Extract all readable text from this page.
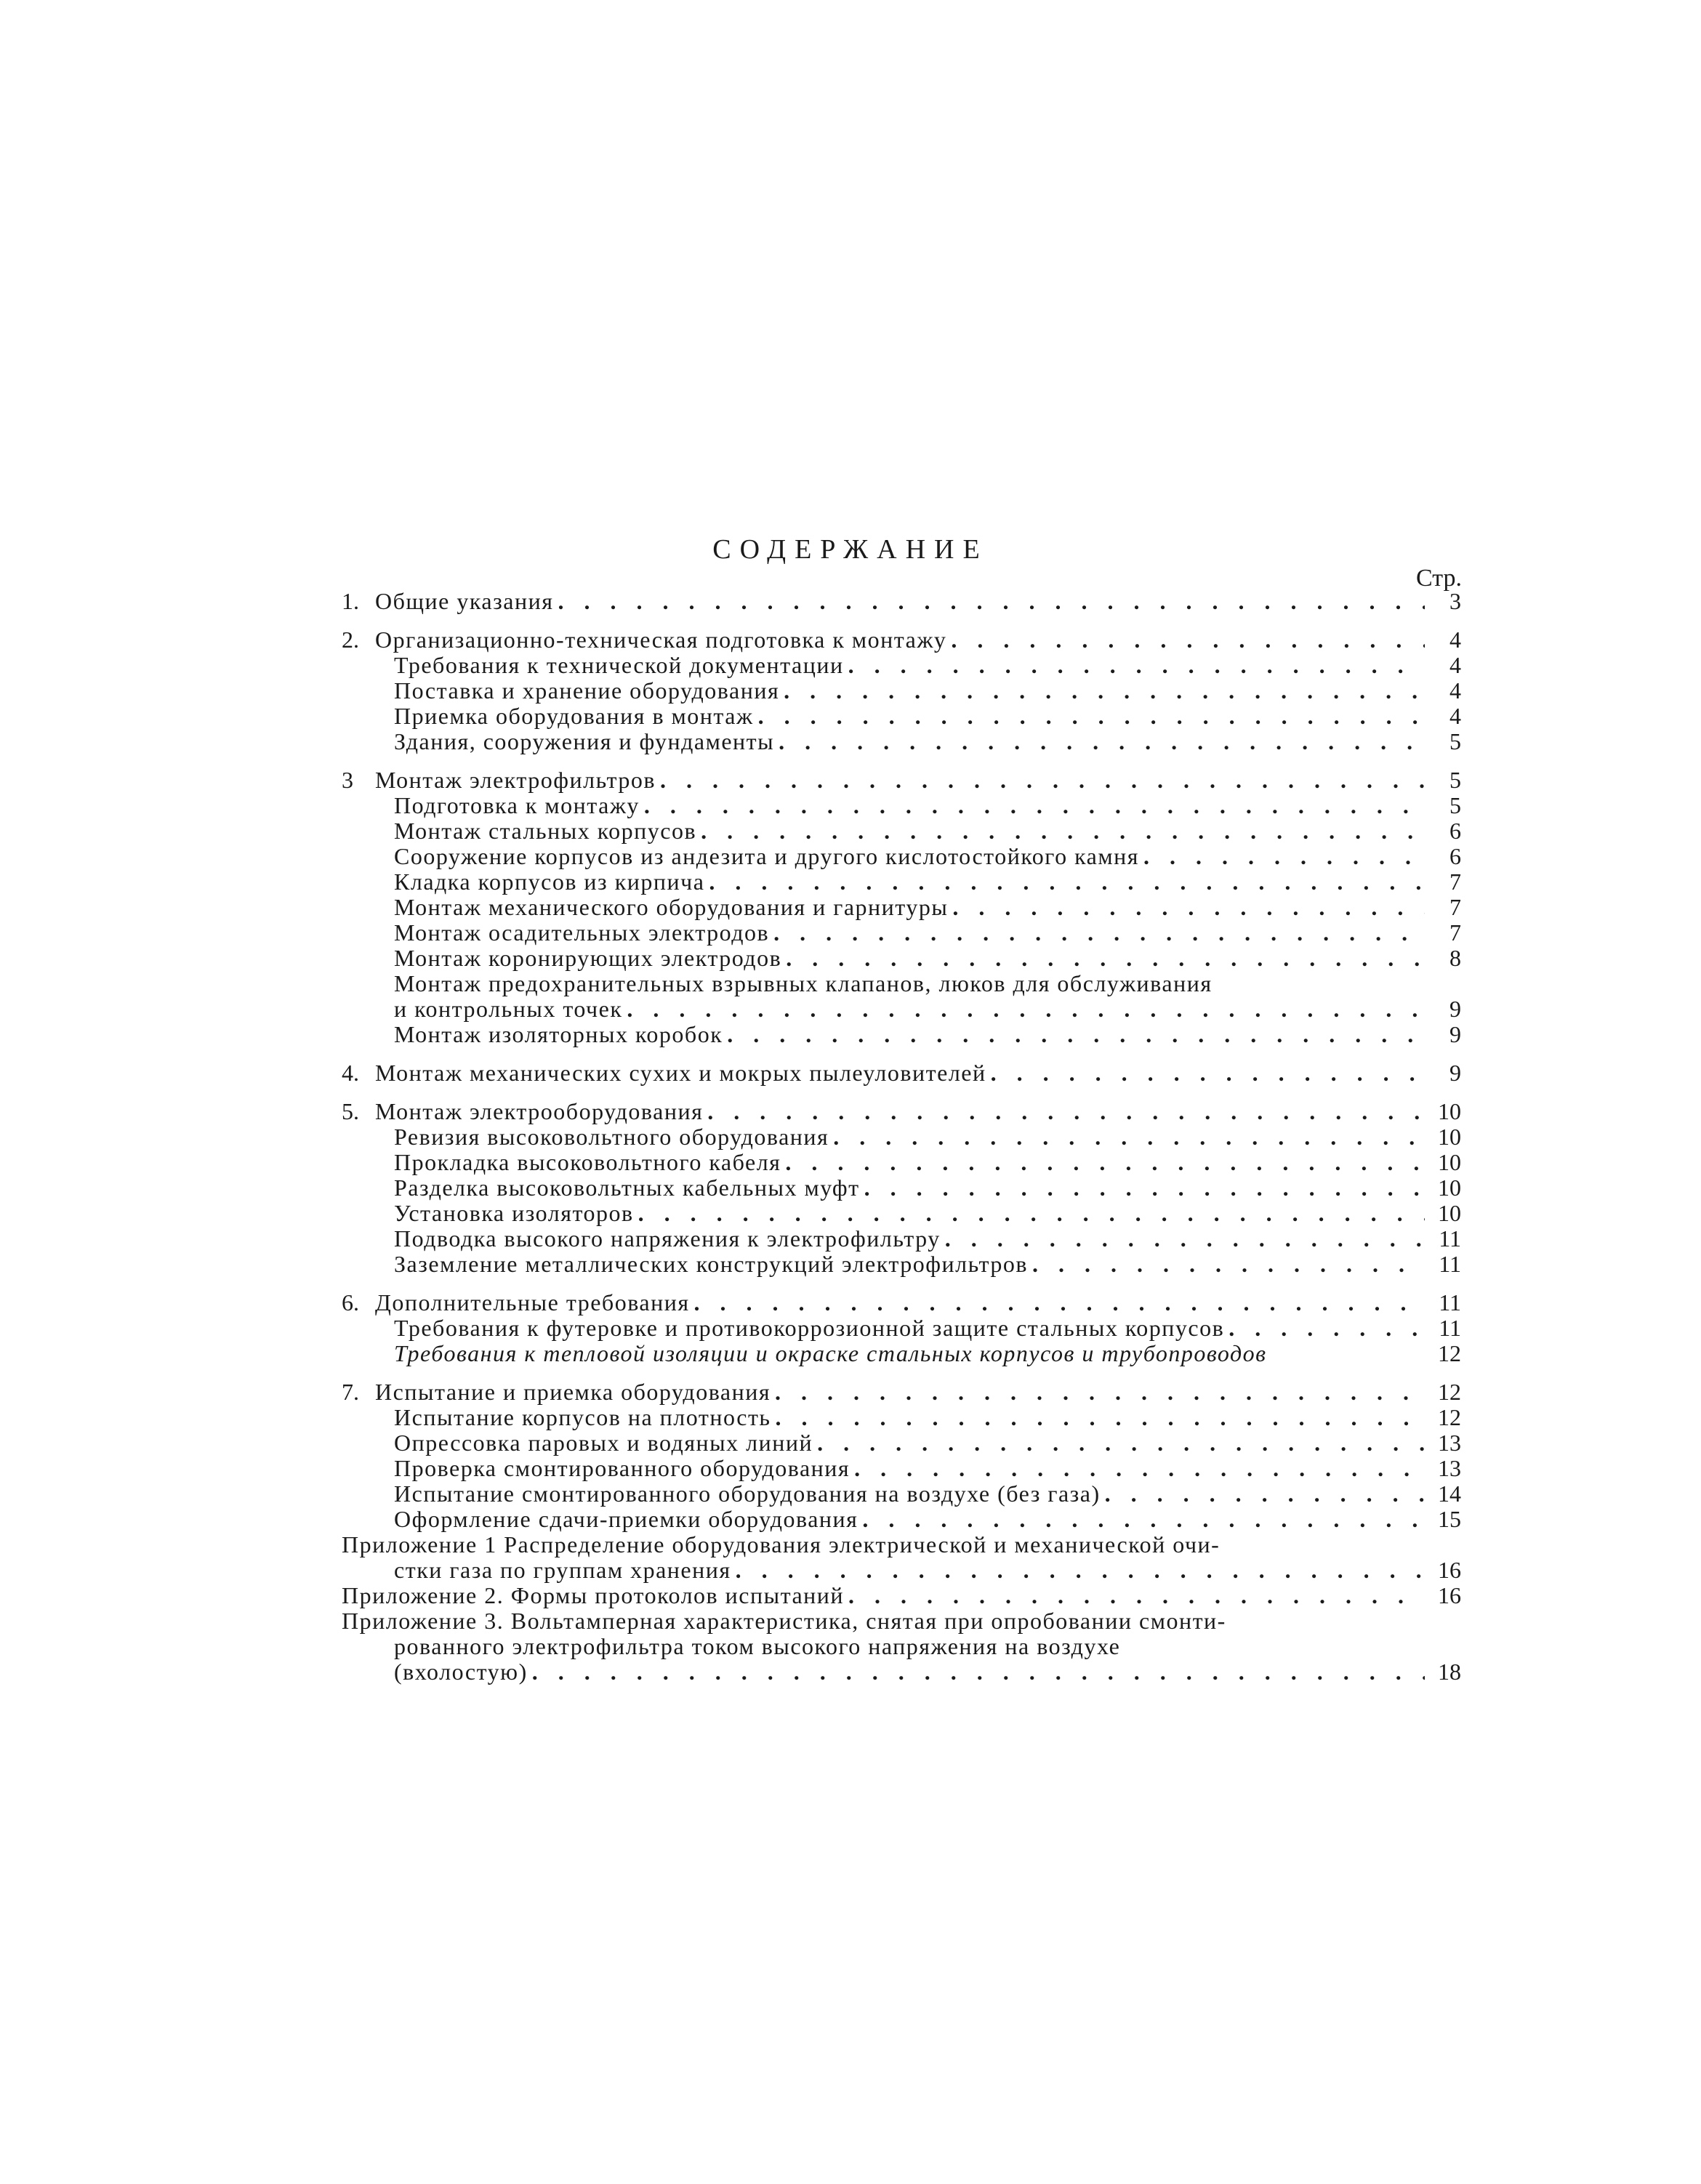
СОДЕРЖАНИЕ
Стр.
1. Общие указания . . .	3
2. Организационно-техническая подготовка к монтажу . . .	4
Требования к технической документации . . .	4
Поставка и хранение оборудования . . .	4
Приемка оборудования в монтаж . . .	4
Здания, сооружения и фундаменты . . .	5
3 Монтаж электрофильтров . . .	5
Подготовка к монтажу . . .	5
Монтаж стальных корпусов . . .	6
Сооружение корпусов из андезита и другого кислотостойкого камня . . .	6
Кладка корпусов из кирпича . . .	7
Монтаж механического оборудования и гарнитуры . . .	7
Монтаж осадительных электродов . . .	7
Монтаж коронирующих электродов . . .	8
Монтаж предохранительных взрывных клапанов, люков для обслуживания
и контрольных точек . . .	9
Монтаж изоляторных коробок . . .	9
4. Монтаж механических сухих и мокрых пылеуловителей . . .	9
5. Монтаж электрооборудования . . .	10
Ревизия высоковольтного оборудования . . .	10
Прокладка высоковольтного кабеля . . .	10
Разделка высоковольтных кабельных муфт . . .	10
Установка изоляторов . . .	10
Подводка высокого напряжения к электрофильтру . . .	11
Заземление металлических конструкций электрофильтров . . .	11
6. Дополнительные требования . . .	11
Требования к футеровке и противокоррозионной защите стальных корпусов . . .	11
Требования к тепловой изоляции и окраске стальных корпусов и трубопроводов	12
7. Испытание и приемка оборудования . . .	12
Испытание корпусов на плотность . . .	12
Опрессовка паровых и водяных линий . . .	13
Проверка смонтированного оборудования . . .	13
Испытание смонтированного оборудования на воздухе (без газа) . . .	14
Оформление сдачи-приемки оборудования . . .	15
Приложение 1 Распределение оборудования электрической и механической очи-
стки газа по группам хранения . . .	16
Приложение 2. Формы протоколов испытаний . . .	16
Приложение 3. Вольтамперная характеристика, снятая при опробовании смонти-
рованного электрофильтра током высокого напряжения на воздухе
(вхолостую) . . .	18
